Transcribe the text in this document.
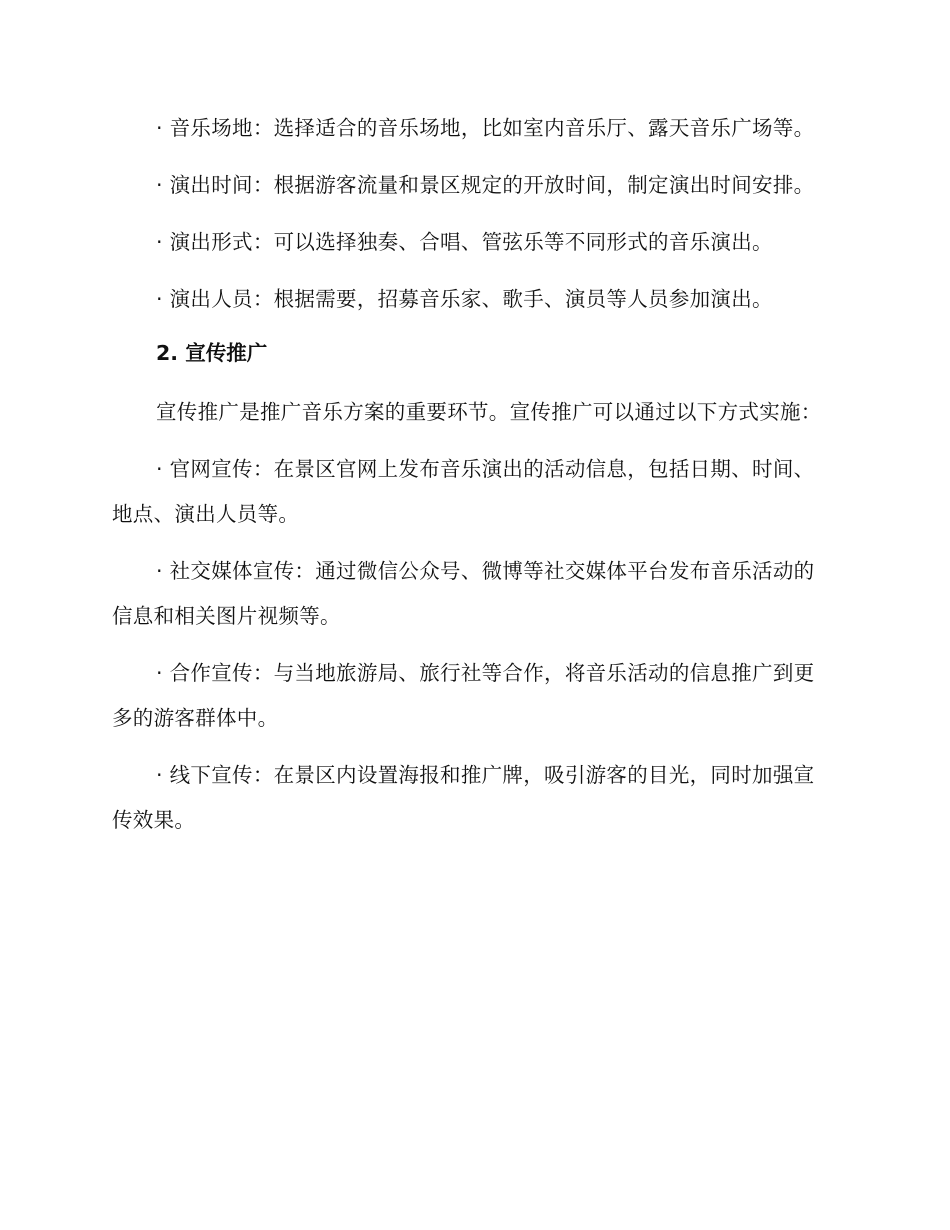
· 音乐场地：选择适合的音乐场地，比如室内音乐厅、露天音乐广场等。

· 演出时间：根据游客流量和景区规定的开放时间，制定演出时间安排。

· 演出形式：可以选择独奏、合唱、管弦乐等不同形式的音乐演出。

· 演出人员：根据需要，招募音乐家、歌手、演员等人员参加演出。

2. 宣传推广

宣传推广是推广音乐方案的重要环节。宣传推广可以通过以下方式实施：

· 官网宣传：在景区官网上发布音乐演出的活动信息，包括日期、时间、地点、演出人员等。

· 社交媒体宣传：通过微信公众号、微博等社交媒体平台发布音乐活动的信息和相关图片视频等。

· 合作宣传：与当地旅游局、旅行社等合作，将音乐活动的信息推广到更多的游客群体中。

· 线下宣传：在景区内设置海报和推广牌，吸引游客的目光，同时加强宣传效果。
